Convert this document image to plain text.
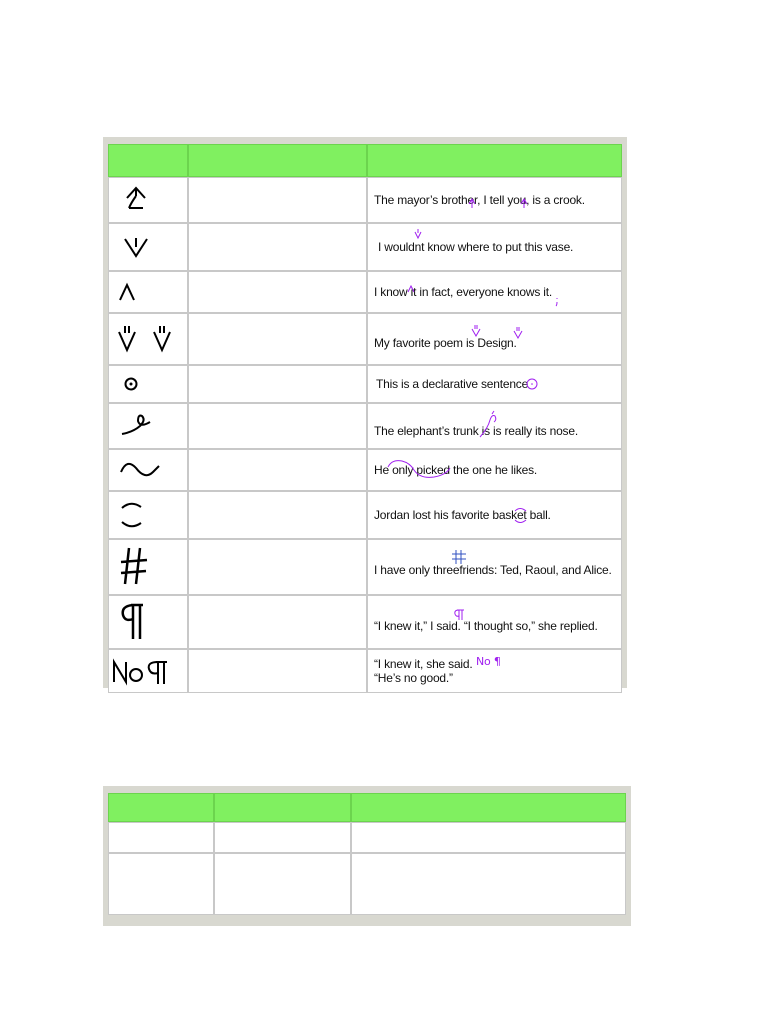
The mayor’s brother, I tell you, is a crook.

I wouldnt know where to put this vase.

I know it in fact, everyone knows it.

My favorite poem is Design.

This is a declarative sentence

The elephant’s trunk is is really its nose.

He only picked the one he likes.

Jordan lost his favorite basket ball.

I have only threefriends: Ted, Raoul, and Alice.

“I knew it,” I said. “I thought so,” she replied.

“I knew it, she said.
“He’s no good.”
No ¶
